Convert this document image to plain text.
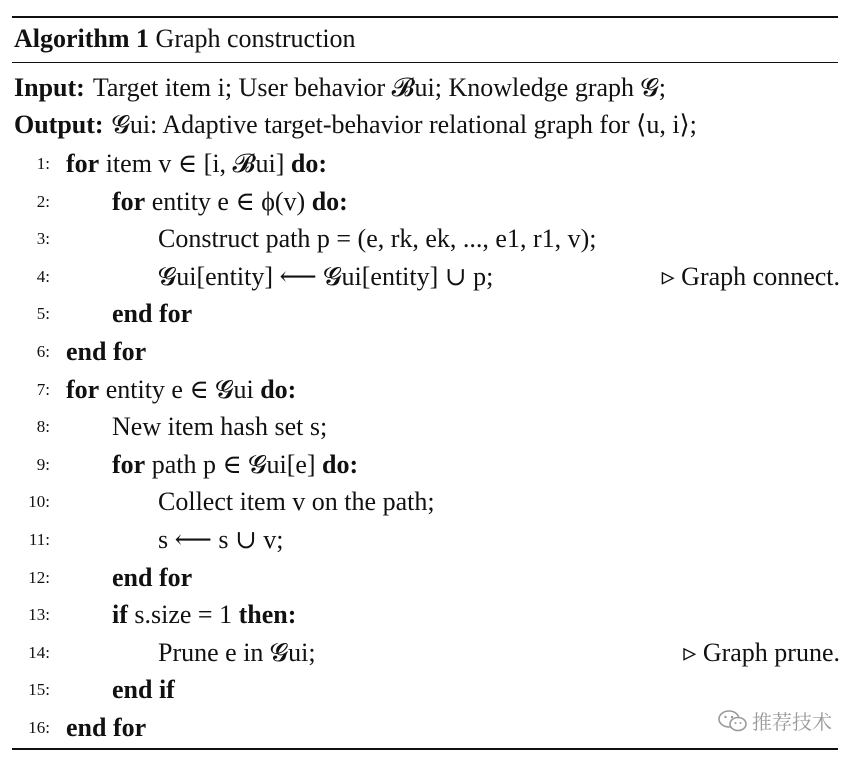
Algorithm 1 Graph construction
Input: Target item i; User behavior 𝓑ui; Knowledge graph 𝓖;
Output: 𝓖ui: Adaptive target-behavior relational graph for ⟨u, i⟩;
1: for item v ∈ [i, 𝓑ui] do:
2: for entity e ∈ ϕ(v) do:
3:	Construct path p = (e, rk, ek, ..., e1, r1, v);
4:	𝓖ui[entity] ⟵ 𝓖ui[entity] ∪ p;	▹ Graph connect.
5: end for
6: end for
7: for entity e ∈ 𝓖ui do:
8: New item hash set s;
9: for path p ∈ 𝓖ui[e] do:
10:	Collect item v on the path;
11:	s ⟵ s ∪ v;
12: end for
13: if s.size = 1 then:
14:	Prune e in 𝓖ui;	▹ Graph prune.
15: end if
16: end for	推荐技术
